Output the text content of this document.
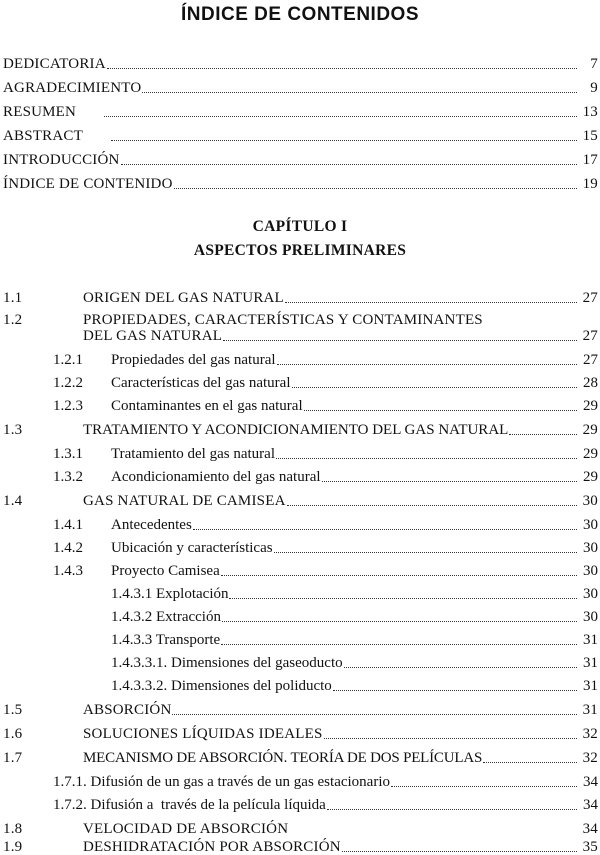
ÍNDICE DE CONTENIDOS
DEDICATORIA	7
AGRADECIMIENTO	9
RESUMEN	13
ABSTRACT	15
INTRODUCCIÓN	17
ÍNDICE DE CONTENIDO	19
CAPÍTULO I
ASPECTOS PRELIMINARES
1.1	ORIGEN DEL GAS NATURAL	27
1.2	PROPIEDADES, CARACTERÍSTICAS Y CONTAMINANTES
DEL GAS NATURAL	27
1.2.1	Propiedades del gas natural	27
1.2.2	Características del gas natural	28
1.2.3	Contaminantes en el gas natural	29
1.3	TRATAMIENTO Y ACONDICIONAMIENTO DEL GAS NATURAL	29
1.3.1	Tratamiento del gas natural	29
1.3.2	Acondicionamiento del gas natural	29
1.4	GAS NATURAL DE CAMISEA	30
1.4.1	Antecedentes	30
1.4.2	Ubicación y características	30
1.4.3	Proyecto Camisea	30
1.4.3.1 Explotación	30
1.4.3.2 Extracción	30
1.4.3.3 Transporte	31
1.4.3.3.1. Dimensiones del gaseoducto	31
1.4.3.3.2. Dimensiones del poliducto	31
1.5	ABSORCIÓN	31
1.6	SOLUCIONES LÍQUIDAS IDEALES	32
1.7	MECANISMO DE ABSORCIÓN. TEORÍA DE DOS PELÍCULAS	32
1.7.1. Difusión de un gas a través de un gas estacionario	34
1.7.2. Difusión a  través de la película líquida	34
1.8	VELOCIDAD DE ABSORCIÓN	34
1.9	DESHIDRATACIÓN POR ABSORCIÓN	35
